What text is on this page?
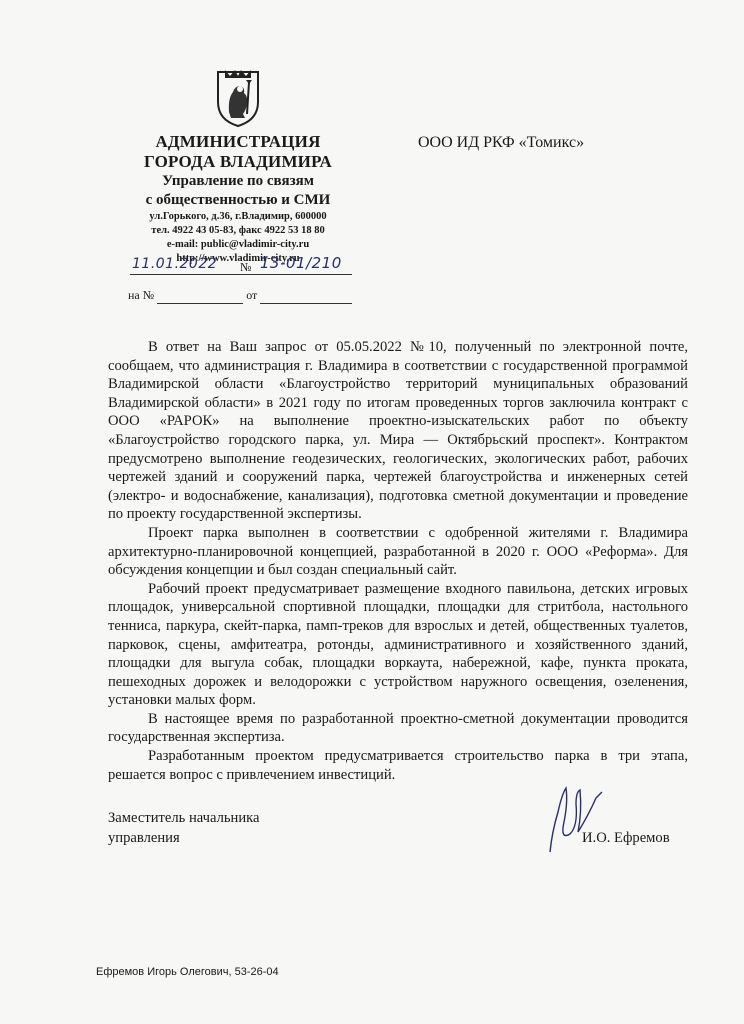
АДМИНИСТРАЦИЯ
ГОРОДА ВЛАДИМИРА
Управление по связям
с общественностью и СМИ
ул.Горького, д.36, г.Владимир, 600000
тел. 4922 43 05-83, факс 4922 53 18 80
e-mail: public@vladimir-city.ru
http://www.vladimir-city.ru
11.01.2022 № 13-01/210
на №	от
ООО ИД РКФ «Томикс»

В ответ на Ваш запрос от 05.05.2022 №10, полученный по электронной почте, сообщаем, что администрация г. Владимира в соответствии с государственной программой Владимирской области «Благоустройство территорий муниципальных образований Владимирской области» в 2021 году по итогам проведенных торгов заключила контракт с ООО «РАРОК» на выполнение проектно-изыскательских работ по объекту «Благоустройство городского парка, ул. Мира — Октябрьский проспект». Контрактом предусмотрено выполнение геодезических, геологических, экологических работ, рабочих чертежей зданий и сооружений парка, чертежей благоустройства и инженерных сетей (электро- и водоснабжение, канализация), подготовка сметной документации и проведение по проекту государственной экспертизы.

Проект парка выполнен в соответствии с одобренной жителями г. Владимира архитектурно-планировочной концепцией, разработанной в 2020 г. ООО «Реформа». Для обсуждения концепции и был создан специальный сайт.

Рабочий проект предусматривает размещение входного павильона, детских игровых площадок, универсальной спортивной площадки, площадки для стритбола, настольного тенниса, паркура, скейт-парка, памп-треков для взрослых и детей, общественных туалетов, парковок, сцены, амфитеатра, ротонды, административного и хозяйственного зданий, площадки для выгула собак, площадки воркаута, набережной, кафе, пункта проката, пешеходных дорожек и велодорожки с устройством наружного освещения, озеленения, установки малых форм.

В настоящее время по разработанной проектно-сметной документации проводится государственная экспертиза.

Разработанным проектом предусматривается строительство парка в три этапа, решается вопрос с привлечением инвестиций.

Заместитель начальника
управления	И.О. Ефремов
Ефремов Игорь Олегович, 53-26-04
